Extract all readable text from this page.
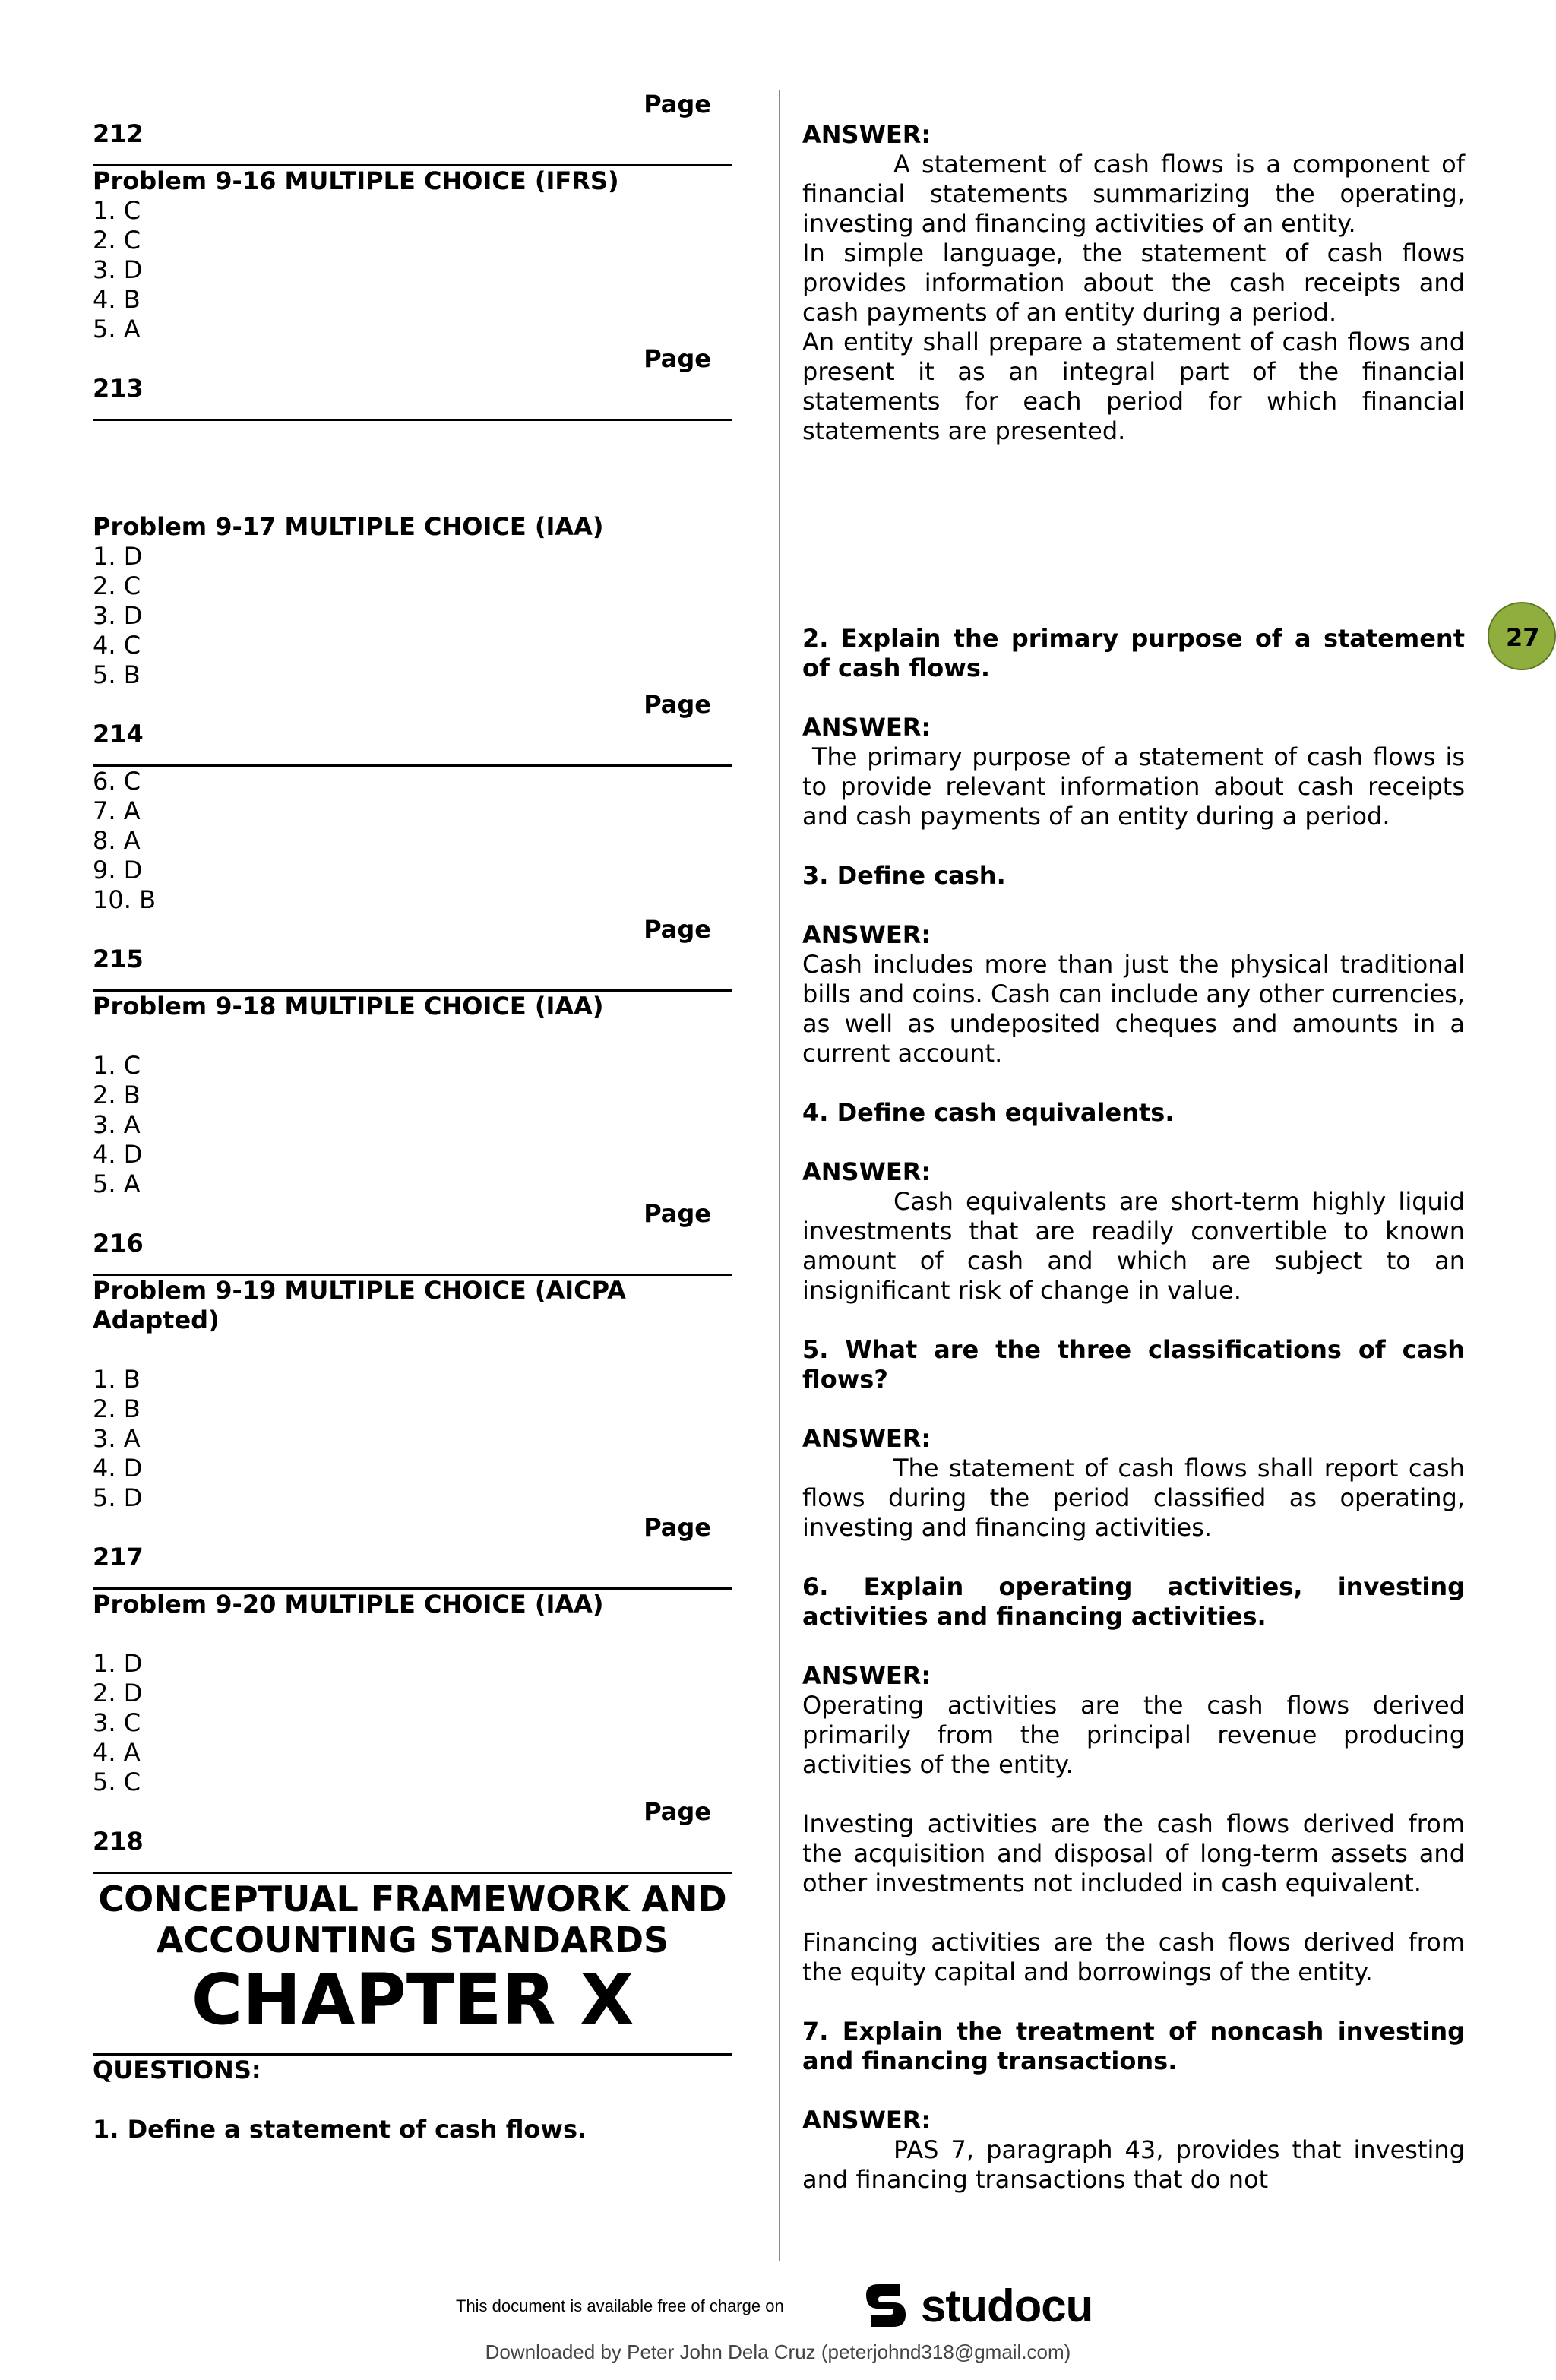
Page
212
Problem 9-16 MULTIPLE CHOICE (IFRS)
1. C
2. C
3. D
4. B
5. A
Page
213
Problem 9-17 MULTIPLE CHOICE (IAA)
1. D
2. C
3. D
4. C
5. B
Page
214
6. C
7. A
8. A
9. D
10. B
Page
215
Problem 9-18 MULTIPLE CHOICE (IAA)
1. C
2. B
3. A
4. D
5. A
Page
216
Problem 9-19 MULTIPLE CHOICE (AICPA
Adapted)
1. B
2. B
3. A
4. D
5. D
Page
217
Problem 9-20 MULTIPLE CHOICE (IAA)
1. D
2. D
3. C
4. A
5. C
Page
218
CONCEPTUAL FRAMEWORK AND
ACCOUNTING STANDARDS
CHAPTER X
QUESTIONS:
1. Define a statement of cash flows.
ANSWER:

A statement of cash flows is a component of financial statements summarizing the operating, investing and financing activities of an entity.

In simple language, the statement of cash flows provides information about the cash receipts and cash payments of an entity during a period.

An entity shall prepare a statement of cash flows and present it as an integral part of the financial statements for each period for which financial statements are presented.

2. Explain the primary purpose of a statement of cash flows.

ANSWER:

The primary purpose of a statement of cash flows is to provide relevant information about cash receipts and cash payments of an entity during a period.

3. Define cash.

ANSWER:

Cash includes more than just the physical traditional bills and coins. Cash can include any other currencies, as well as undeposited cheques and amounts in a current account.

4. Define cash equivalents.

ANSWER:

Cash equivalents are short-term highly liquid investments that are readily convertible to known amount of cash and which are subject to an insignificant risk of change in value.

5. What are the three classifications of cash flows?

ANSWER:

The statement of cash flows shall report cash flows during the period classified as operating, investing and financing activities.

6. Explain operating activities, investing activities and financing activities.

ANSWER:

Operating activities are the cash flows derived primarily from the principal revenue producing activities of the entity.

Investing activities are the cash flows derived from the acquisition and disposal of long-term assets and other investments not included in cash equivalent.

Financing activities are the cash flows derived from the equity capital and borrowings of the entity.

7. Explain the treatment of noncash investing and financing transactions.

ANSWER:

PAS 7, paragraph 43, provides that investing and financing transactions that do not

27
This document is available free of charge on	studocu
Downloaded by Peter John Dela Cruz (peterjohnd318@gmail.com)
